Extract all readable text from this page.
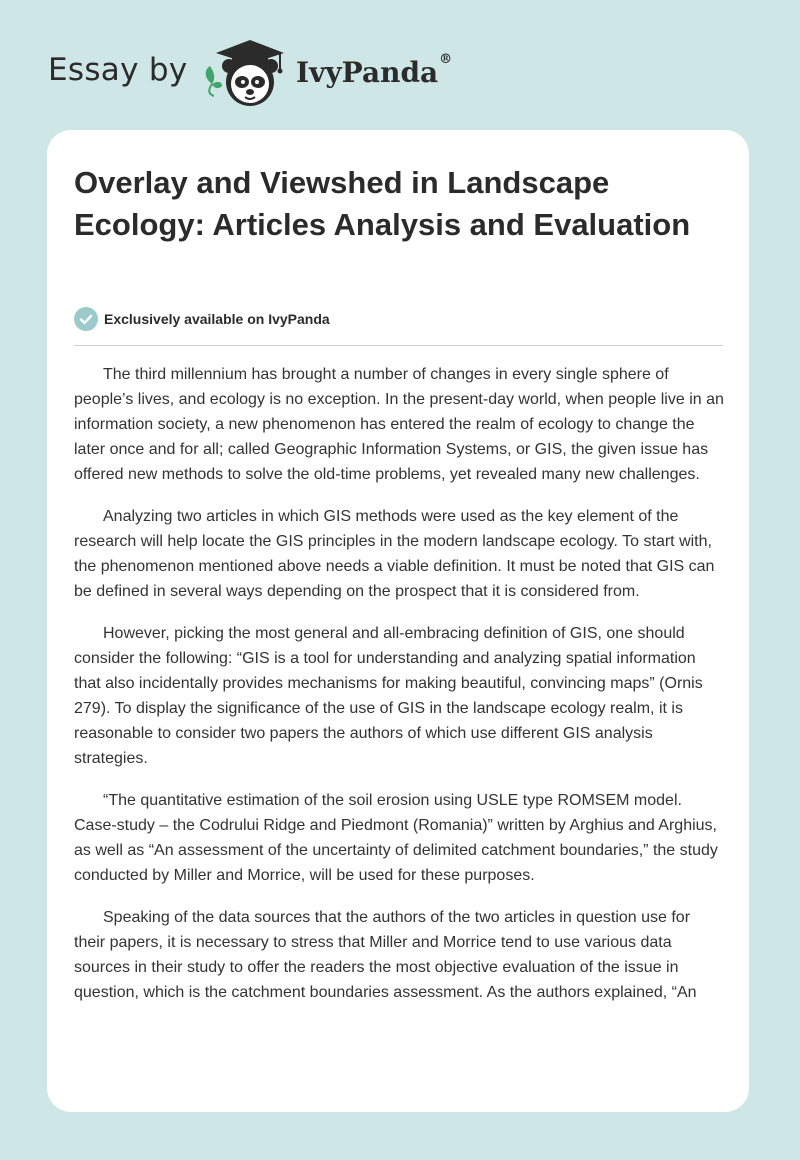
Essay by	IvyPanda®
Overlay and Viewshed in Landscape Ecology: Articles Analysis and Evaluation
Exclusively available on IvyPanda

The third millennium has brought a number of changes in every single sphere of people’s lives, and ecology is no exception. In the present-day world, when people live in an information society, a new phenomenon has entered the realm of ecology to change the later once and for all; called Geographic Information Systems, or GIS, the given issue has offered new methods to solve the old-time problems, yet revealed many new challenges.

Analyzing two articles in which GIS methods were used as the key element of the research will help locate the GIS principles in the modern landscape ecology. To start with, the phenomenon mentioned above needs a viable definition. It must be noted that GIS can be defined in several ways depending on the prospect that it is considered from.

However, picking the most general and all-embracing definition of GIS, one should consider the following: “GIS is a tool for understanding and analyzing spatial information that also incidentally provides mechanisms for making beautiful, convincing maps” (Ornis 279). To display the significance of the use of GIS in the landscape ecology realm, it is reasonable to consider two papers the authors of which use different GIS analysis strategies.

“The quantitative estimation of the soil erosion using USLE type ROMSEM model. Case-study – the Codrului Ridge and Piedmont (Romania)” written by Arghius and Arghius, as well as “An assessment of the uncertainty of delimited catchment boundaries,” the study conducted by Miller and Morrice, will be used for these purposes.

Speaking of the data sources that the authors of the two articles in question use for their papers, it is necessary to stress that Miller and Morrice tend to use various data sources in their study to offer the readers the most objective evaluation of the issue in question, which is the catchment boundaries assessment. As the authors explained, “An
